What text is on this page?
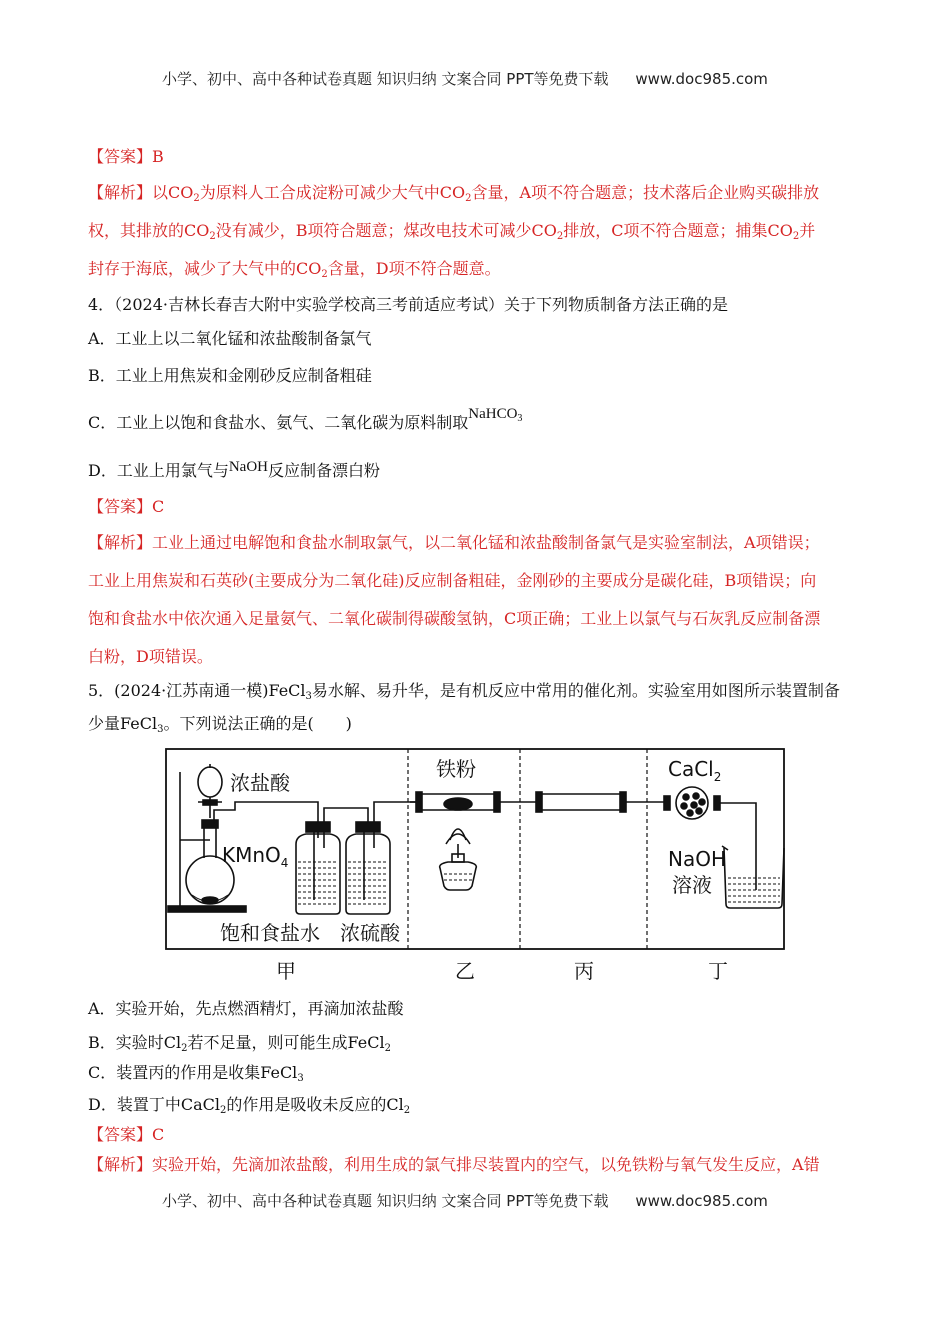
小学、初中、高中各种试卷真题 知识归纳 文案合同 PPT等免费下载 www.doc985.com
【答案】B
【解析】以$CO_2$为原料人工合成淀粉可减少大气中$CO_2$含量，A项不符合题意；技术落后企业购买碳排放
权，其排放的$CO_2$没有减少，B项符合题意；煤改电技术可减少$CO_2$排放，C项不符合题意；捕集$CO_2$并
封存于海底，减少了大气中的$CO_2$含量，D项不符合题意。
4．（2024·吉林长春吉大附中实验学校高三考前适应考试）关于下列物质制备方法正确的是
A．工业上以二氧化锰和浓盐酸制备氯气
B．工业上用焦炭和金刚砂反应制备粗硅
C．工业上以饱和食盐水、氨气、二氧化碳为原料制取NaHCO$_3$
D．工业上用氯气与NaOH反应制备漂白粉
【答案】C
【解析】工业上通过电解饱和食盐水制取氯气，以二氧化锰和浓盐酸制备氯气是实验室制法，A项错误；
工业上用焦炭和石英砂(主要成分为二氧化硅)反应制备粗硅，金刚砂的主要成分是碳化硅，B项错误；向
饱和食盐水中依次通入足量氨气、二氧化碳制得碳酸氢钠，C项正确；工业上以氯气与石灰乳反应制备漂
白粉，D项错误。
5．(2024·江苏南通一模)FeCl$_3$易水解、易升华，是有机反应中常用的催化剂。实验室用如图所示装置制备
少量FeCl$_3$。下列说法正确的是(　　)
浓盐酸
KMnO$_4$
饱和食盐水 浓硫酸
铁粉	CaCl$_2$
NaOH
溶液
甲	乙	丙	丁
A．实验开始，先点燃酒精灯，再滴加浓盐酸
B．实验时$Cl_2$若不足量，则可能生成FeCl$_2$
C．装置丙的作用是收集FeCl$_3$
D．装置丁中CaCl$_2$的作用是吸收未反应的$Cl_2$
【答案】C
【解析】实验开始，先滴加浓盐酸，利用生成的氯气排尽装置内的空气，以免铁粉与氧气发生反应，A错
小学、初中、高中各种试卷真题 知识归纳 文案合同 PPT等免费下载 www.doc985.com
